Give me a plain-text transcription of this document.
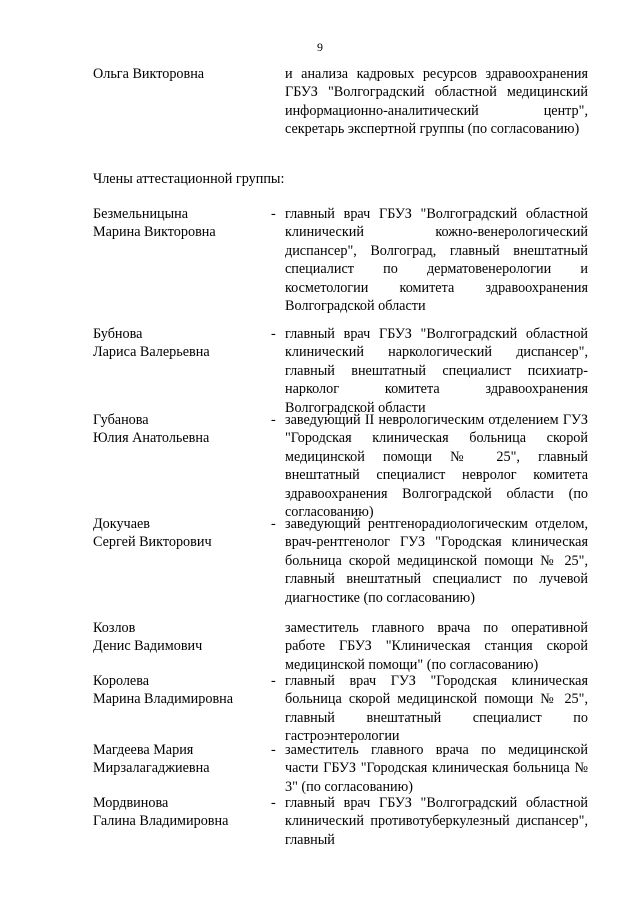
9
Ольга Викторовна	и анализа кадровых ресурсов здравоохранения ГБУЗ "Волгоградский областной медицинский информационно-аналитический центр", секретарь экспертной группы (по согласованию)
Члены аттестационной группы:
Безмельницына
Марина Викторовна
- главный врач ГБУЗ "Волгоградский областной клинический кожно-венерологический диспансер", Волгоград, главный внештатный специалист по дерматовенерологии и косметологии комитета здравоохранения Волгоградской области
Бубнова
Лариса Валерьевна
- главный врач ГБУЗ "Волгоградский областной клинический наркологический диспансер", главный внештатный специалист психиатр-нарколог комитета здравоохранения Волгоградской области
Губанова
Юлия Анатольевна
- заведующий II неврологическим отделением ГУЗ "Городская клиническая больница скорой медицинской помощи № 25", главный внештатный специалист невролог комитета здравоохранения Волгоградской области (по согласованию)
Докучаев
Сергей Викторович
- заведующий рентгенорадиологическим отделом, врач-рентгенолог ГУЗ "Городская клиническая больница скорой медицинской помощи № 25", главный внештатный специалист по лучевой диагностике (по согласованию)
Козлов
Денис Вадимович
заместитель главного врача по оперативной работе ГБУЗ "Клиническая станция скорой медицинской помощи" (по согласованию)
Королева
Марина Владимировна
- главный врач ГУЗ "Городская клиническая больница скорой медицинской помощи № 25", главный внештатный специалист по гастроэнтерологии
Магдеева Мария
Мирзалагаджиевна
- заместитель главного врача по медицинской части ГБУЗ "Городская клиническая больница № 3" (по согласованию)
Мордвинова
Галина Владимировна
- главный врач ГБУЗ "Волгоградский областной клинический противотуберкулезный диспансер", главный
